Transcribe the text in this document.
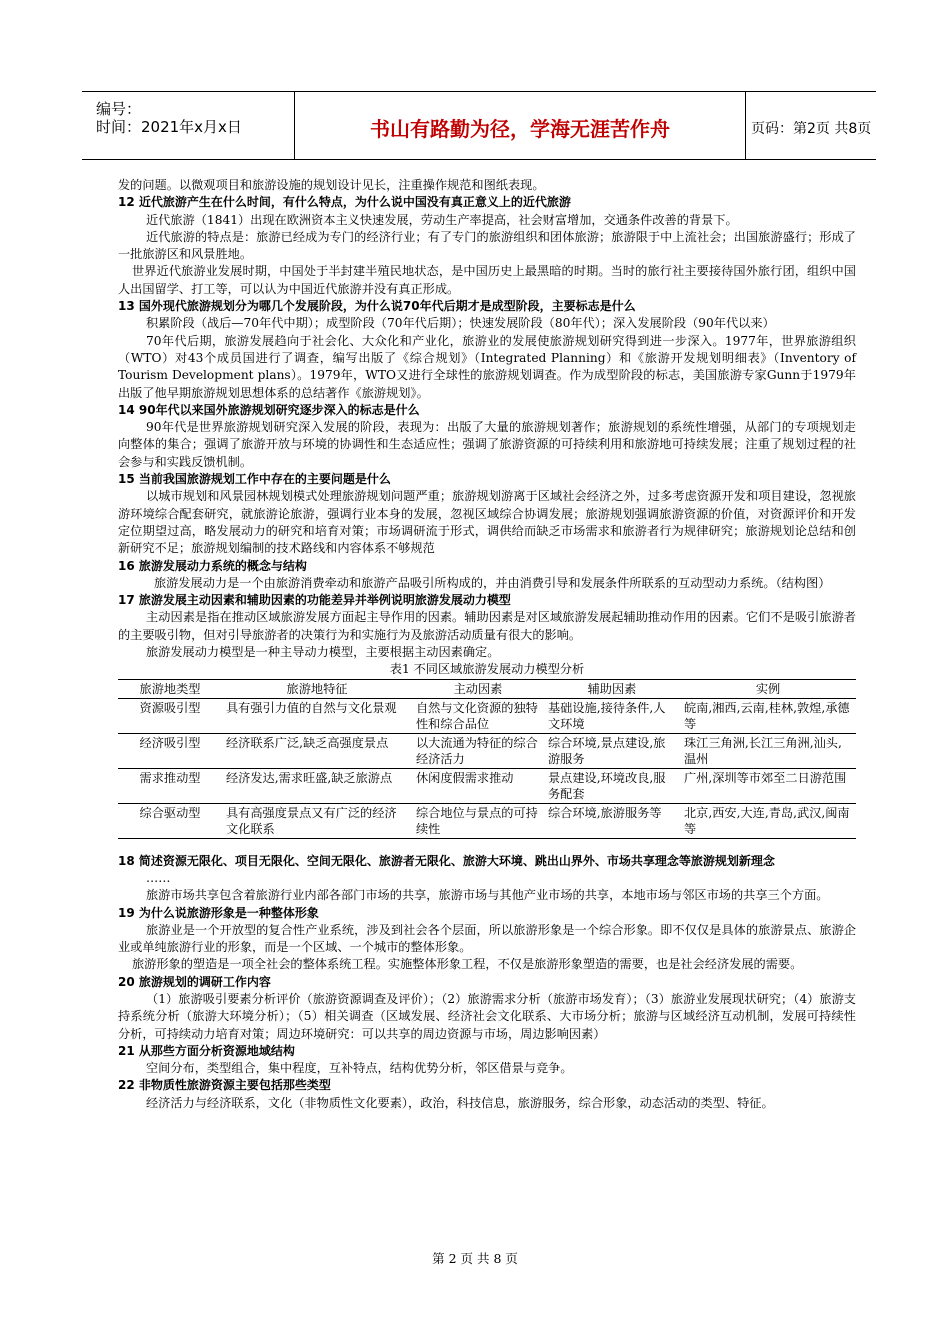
编号：
时间：2021年x月x日	书山有路勤为径，学海无涯苦作舟	页码：第2页 共8页

发的问题。以微观项目和旅游设施的规划设计见长，注重操作规范和图纸表现。

12 近代旅游产生在什么时间，有什么特点，为什么说中国没有真正意义上的近代旅游

近代旅游（1841）出现在欧洲资本主义快速发展，劳动生产率提高，社会财富增加，交通条件改善的背景下。

近代旅游的特点是：旅游已经成为专门的经济行业；有了专门的旅游组织和团体旅游；旅游限于中上流社会；出国旅游盛行；形成了一批旅游区和风景胜地。

世界近代旅游业发展时期，中国处于半封建半殖民地状态，是中国历史上最黑暗的时期。当时的旅行社主要接待国外旅行团，组织中国人出国留学、打工等，可以认为中国近代旅游并没有真正形成。

13 国外现代旅游规划分为哪几个发展阶段，为什么说70年代后期才是成型阶段，主要标志是什么

积累阶段（战后—70年代中期）；成型阶段（70年代后期）；快速发展阶段（80年代）；深入发展阶段（90年代以来）

70年代后期，旅游发展趋向于社会化、大众化和产业化，旅游业的发展使旅游规划研究得到进一步深入。1977年，世界旅游组织（WTO）对43个成员国进行了调查，编写出版了《综合规划》（Integrated Planning）和《旅游开发规划明细表》（Inventory of Tourism Development plans）。1979年，WTO又进行全球性的旅游规划调查。作为成型阶段的标志，美国旅游专家Gunn于1979年出版了他早期旅游规划思想体系的总结著作《旅游规划》。

14 90年代以来国外旅游规划研究逐步深入的标志是什么

90年代是世界旅游规划研究深入发展的阶段，表现为：出版了大量的旅游规划著作；旅游规划的系统性增强，从部门的专项规划走向整体的集合；强调了旅游开放与环境的协调性和生态适应性；强调了旅游资源的可持续利用和旅游地可持续发展；注重了规划过程的社会参与和实践反馈机制。

15 当前我国旅游规划工作中存在的主要问题是什么

以城市规划和风景园林规划模式处理旅游规划问题严重；旅游规划游离于区域社会经济之外，过多考虑资源开发和项目建设，忽视旅游环境综合配套研究，就旅游论旅游，强调行业本身的发展，忽视区域综合协调发展；旅游规划强调旅游资源的价值，对资源评价和开发定位期望过高，略发展动力的研究和培育对策；市场调研流于形式，调供给而缺乏市场需求和旅游者行为规律研究；旅游规划论总结和创新研究不足；旅游规划编制的技术路线和内容体系不够规范

16 旅游发展动力系统的概念与结构

旅游发展动力是一个由旅游消费牵动和旅游产品吸引所构成的，并由消费引导和发展条件所联系的互动型动力系统。（结构图）

17 旅游发展主动因素和辅助因素的功能差异并举例说明旅游发展动力模型

主动因素是指在推动区域旅游发展方面起主导作用的因素。辅助因素是对区域旅游发展起辅助推动作用的因素。它们不是吸引旅游者的主要吸引物，但对引导旅游者的决策行为和实施行为及旅游活动质量有很大的影响。

旅游发展动力模型是一种主导动力模型，主要根据主动因素确定。

表1 不同区域旅游发展动力模型分析

旅游地类型	旅游地特征	主动因素	辅助因素	实例
资源吸引型	具有强引力值的自然与文化景观	自然与文化资源的独特性和综合品位	基础设施,接待条件,人文环境	皖南,湘西,云南,桂林,敦煌,承德等
经济吸引型	经济联系广泛,缺乏高强度景点	以大流通为特征的综合经济活力	综合环境,景点建设,旅游服务	珠江三角洲,长江三角洲,汕头,温州
需求推动型	经济发达,需求旺盛,缺乏旅游点	休闲度假需求推动	景点建设,环境改良,服务配套	广州,深圳等市郊至二日游范围
综合驱动型	具有高强度景点又有广泛的经济文化联系	综合地位与景点的可持续性	综合环境,旅游服务等	北京,西安,大连,青岛,武汉,闽南等

18 简述资源无限化、项目无限化、空间无限化、旅游者无限化、旅游大环境、跳出山界外、市场共享理念等旅游规划新理念

……

旅游市场共享包含着旅游行业内部各部门市场的共享，旅游市场与其他产业市场的共享，本地市场与邻区市场的共享三个方面。

19 为什么说旅游形象是一种整体形象

旅游业是一个开放型的复合性产业系统，涉及到社会各个层面，所以旅游形象是一个综合形象。即不仅仅是具体的旅游景点、旅游企业或单纯旅游行业的形象，而是一个区域、一个城市的整体形象。

旅游形象的塑造是一项全社会的整体系统工程。实施整体形象工程，不仅是旅游形象塑造的需要，也是社会经济发展的需要。

20 旅游规划的调研工作内容

（1）旅游吸引要素分析评价（旅游资源调查及评价）；（2）旅游需求分析（旅游市场发育）；（3）旅游业发展现状研究；（4）旅游支持系统分析（旅游大环境分析）；（5）相关调查（区域发展、经济社会文化联系、大市场分析；旅游与区域经济互动机制，发展可持续性分析，可持续动力培育对策；周边环境研究：可以共享的周边资源与市场，周边影响因素）

21 从那些方面分析资源地域结构

空间分布，类型组合，集中程度，互补特点，结构优势分析，邻区借景与竞争。

22 非物质性旅游资源主要包括那些类型

经济活力与经济联系，文化（非物质性文化要素），政治，科技信息，旅游服务，综合形象，动态活动的类型、特征。

第 2 页 共 8 页
